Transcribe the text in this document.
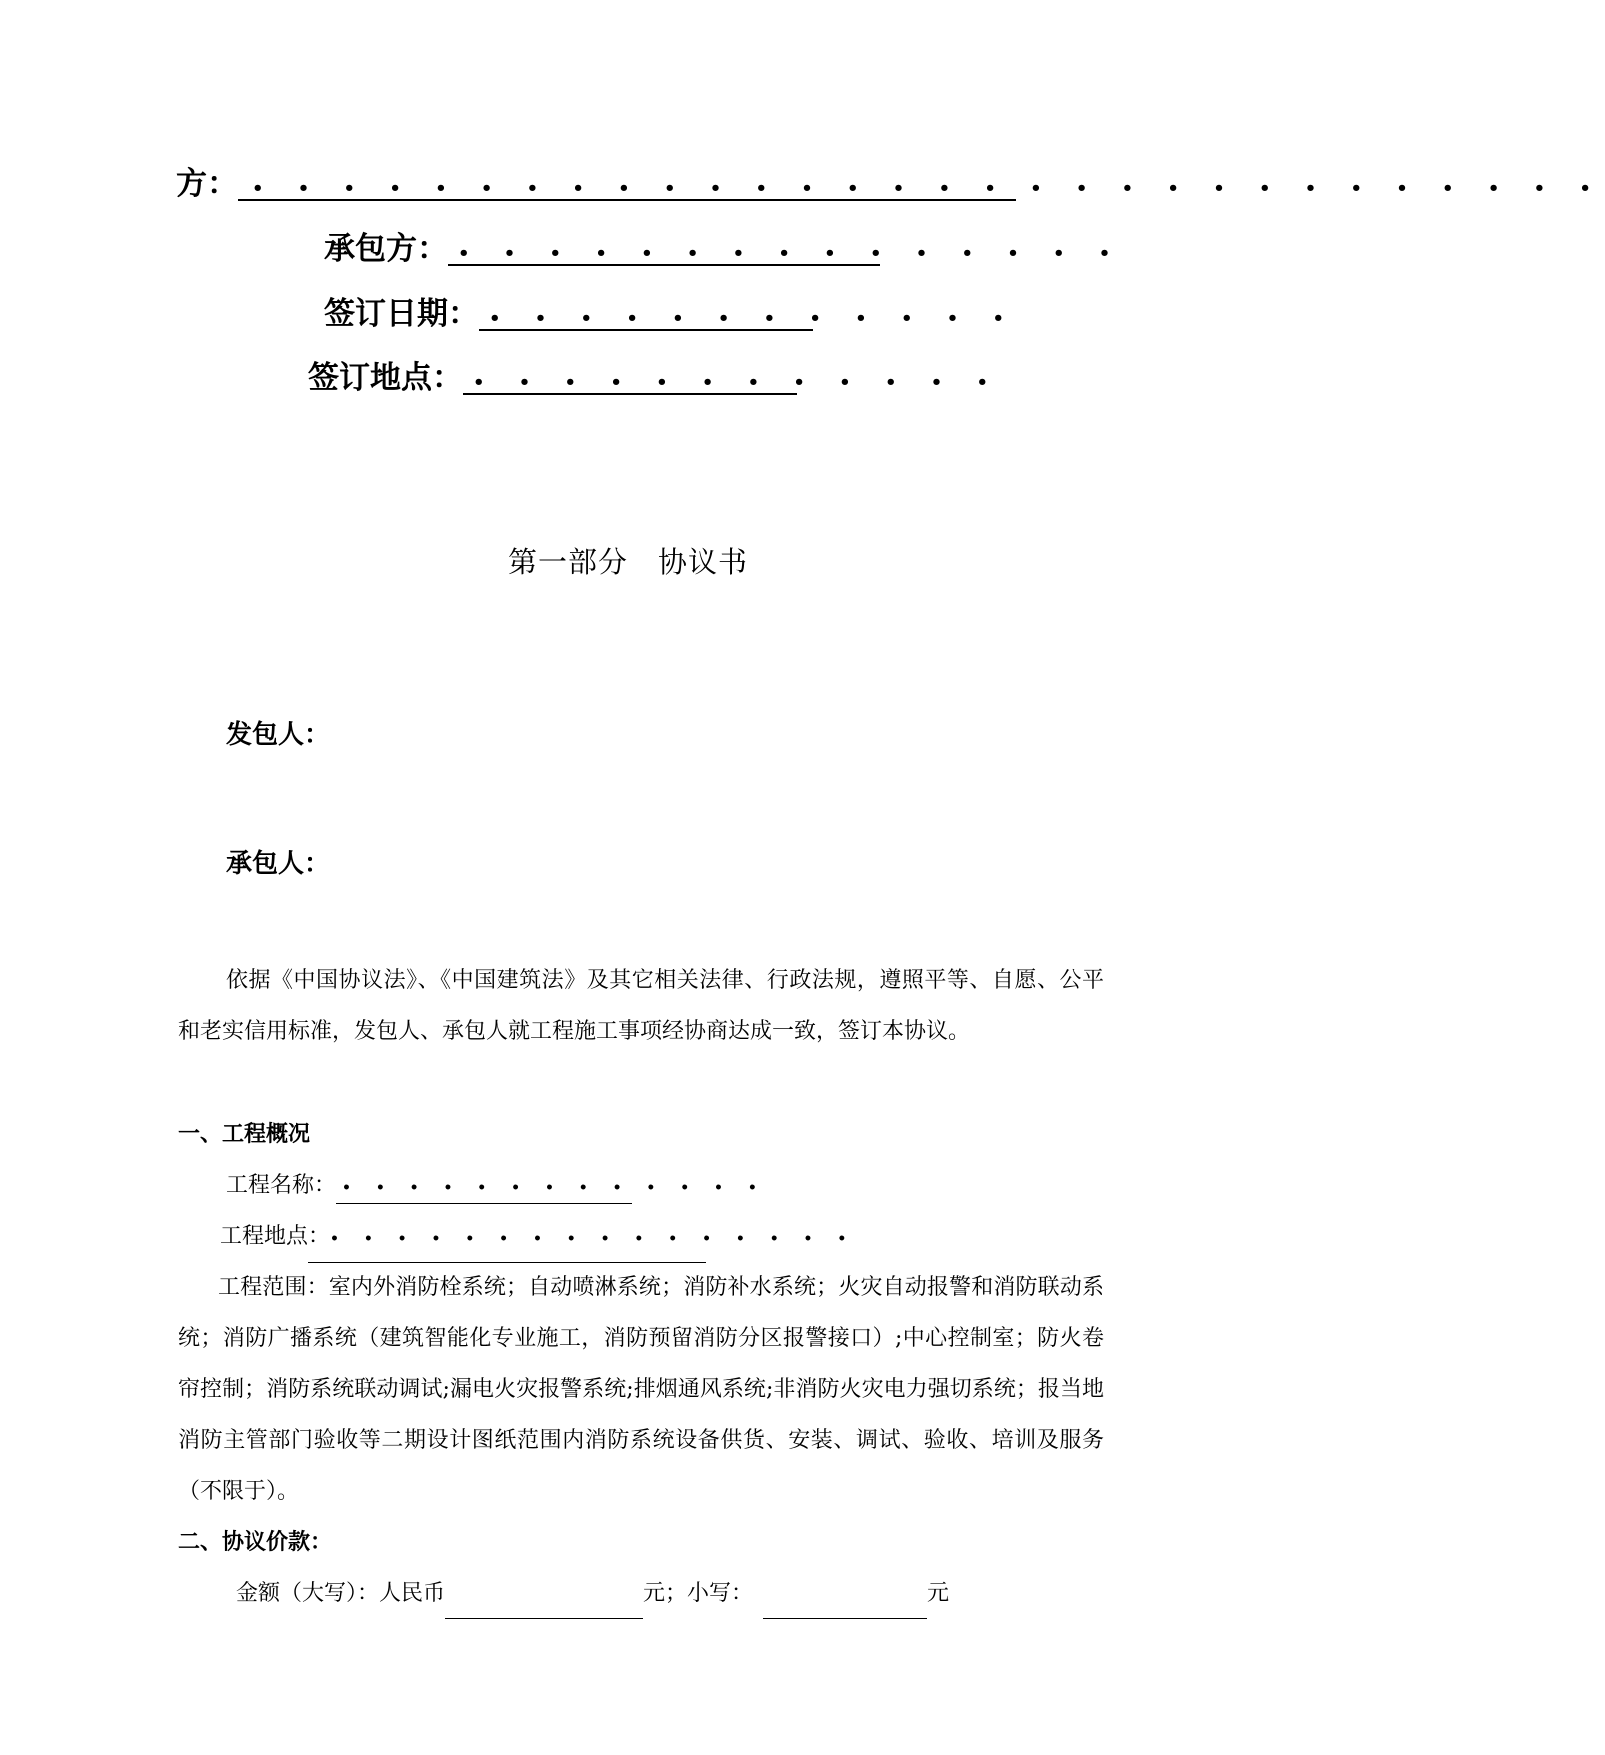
方： • • • • • • • • • • • • • • • • • • • • • • • • • • • • • •
承包方： • • • • • • • • • • • • • • •
签订日期： • • • • • • • • • • • •
签订地点： • • • • • • • • • • • •
第一部分　协议书
发包人：
承包人：
依据《中国协议法》、《中国建筑法》及其它相关法律、行政法规，遵照平等、自愿、公平和老实信用标准，发包人、承包人就工程施工事项经协商达成一致，签订本协议。
一、工程概况
工程名称： • • • • • • • • • • • • •
工程地点：• • • • • • • • • • • • • • • •
工程范围：室内外消防栓系统；自动喷淋系统；消防补水系统；火灾自动报警和消防联动系统；消防广播系统（建筑智能化专业施工，消防预留消防分区报警接口）;中心控制室；防火卷帘控制；消防系统联动调试;漏电火灾报警系统;排烟通风系统;非消防火灾电力强切系统；报当地消防主管部门验收等二期设计图纸范围内消防系统设备供货、安装、调试、验收、培训及服务（不限于）。
二、协议价款：
金额（大写）：人民币	元；小写：	元
